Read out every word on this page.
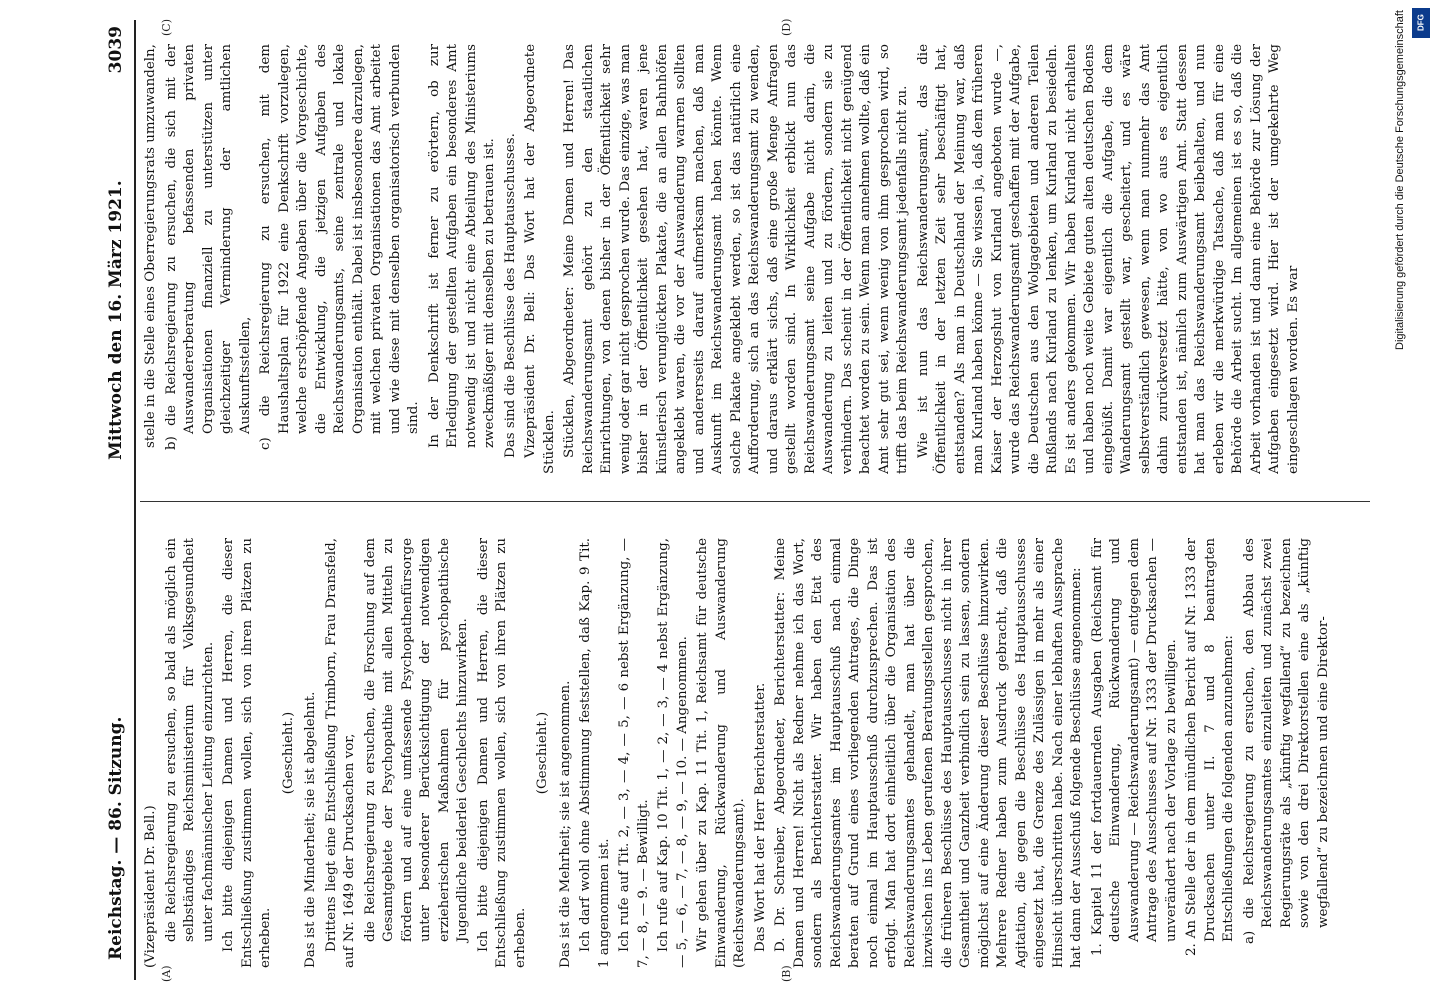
Reichstag. — 86. Sitzung.
Mittwoch den 16. März 1921.
3039
(A)	(B)
(C)	(D)

(Vizepräsident Dr. Bell.) die Reichsregierung zu ersuchen, so bald als möglich ein selbständiges Reichsministerium für Volksgesundheit unter fachmännischer Leitung einzurichten. Ich bitte diejenigen Damen und Herren, die dieser Entschließung zustimmen wollen, sich von ihren Plätzen zu erheben.

(Geschieht.) Das ist die Minderheit; sie ist abgelehnt. Drittens liegt eine Entschließung Trimborn, Frau Dransfeld, auf Nr. 1649 der Drucksachen vor, die Reichsregierung zu ersuchen, die Forschung auf dem Gesamtgebiete der Psychopathie mit allen Mitteln zu fördern und auf eine umfassende Psychopathenfürsorge unter besonderer Berücksichtigung der notwendigen erzieherischen Maßnahmen für psychopathische Jugendliche beiderlei Geschlechts hinzuwirken. Ich bitte diejenigen Damen und Herren, die dieser Entschließung zustimmen wollen, sich von ihren Plätzen zu erheben.

(Geschieht.) Das ist die Mehrheit; sie ist angenommen. Ich darf wohl ohne Abstimmung feststellen, daß Kap. 9 Tit. 1 angenommen ist. Ich rufe auf Tit. 2, — 3, — 4, — 5, — 6 nebst Ergänzung, — 7, — 8, — 9. — Bewilligt. Ich rufe auf Kap. 10 Tit. 1, — 2, — 3, — 4 nebst Ergänzung, — 5, — 6, — 7, — 8, — 9, — 10. — Angenommen. Wir gehen über zu Kap. 11 Tit. 1, Reichsamt für deutsche Einwanderung, Rückwanderung und Auswanderung (Reichswanderungsamt). Das Wort hat der Herr Berichterstatter. D. Dr. Schreiber, Abgeordneter, Berichterstatter: Meine Damen und Herren! Nicht als Redner nehme ich das Wort, sondern als Berichterstatter. Wir haben den Etat des Reichswanderungsamtes im Hauptausschuß nach einmal beraten auf Grund eines vorliegenden Antrages, die Dinge noch einmal im Hauptausschuß durchzusprechen. Das ist erfolgt. Man hat dort einheitlich über die Organisation des Reichswanderungsamtes gehandelt, man hat über die inzwischen ins Leben gerufenen Beratungsstellen gesprochen, die früheren Beschlüsse des Hauptausschusses nicht in ihrer Gesamtheit und Ganzheit verbindlich sein zu lassen, sondern möglichst auf eine Änderung dieser Beschlüsse hinzuwirken. Mehrere Redner haben zum Ausdruck gebracht, daß die Agitation, die gegen die Beschlüsse des Hauptausschusses eingesetzt hat, die Grenze des Zulässigen in mehr als einer Hinsicht überschritten habe. Nach einer lebhaften Aussprache hat dann der Ausschuß folgende Beschlüsse angenommen: 1. Kapitel 11 der fortdauernden Ausgaben (Reichsamt für deutsche Einwanderung, Rückwanderung und Auswanderung — Reichswanderungsamt) — entgegen dem Antrage des Ausschusses auf Nr. 1333 der Drucksachen — unverändert nach der Vorlage zu bewilligen. 2. An Stelle der in dem mündlichen Bericht auf Nr. 1333 der Drucksachen unter II. 7 und 8 beantragten Entschließungen die folgenden anzunehmen: a) die Reichsregierung zu ersuchen, den Abbau des Reichswanderungsamtes einzuleiten und zunächst zwei Regierungsräte als „künftig wegfallend“ zu bezeichnen sowie von den drei Direktorstellen eine als „künftig wegfallend“ zu bezeichnen und eine Direktor-

stelle in die Stelle eines Oberregierungsrats umzuwandeln, b) die Reichsregierung zu ersuchen, die sich mit der Auswandererberatung befassenden privaten Organisationen finanziell zu unterstützen unter gleichzeitiger Verminderung der amtlichen Auskunftsstellen, c) die Reichsregierung zu ersuchen, mit dem Haushaltsplan für 1922 eine Denkschrift vorzulegen, welche erschöpfende Angaben über die Vorgeschichte, die Entwicklung, die jetzigen Aufgaben des Reichswanderungsamts, seine zentrale und lokale Organisation enthält. Dabei ist insbesondere darzulegen, mit welchen privaten Organisationen das Amt arbeitet und wie diese mit denselben organisatorisch verbunden sind. In der Denkschrift ist ferner zu erörtern, ob zur Erledigung der gestellten Aufgaben ein besonderes Amt notwendig ist und nicht eine Abteilung des Ministeriums zweckmäßiger mit denselben zu betrauen ist. Das sind die Beschlüsse des Hauptausschusses. Vizepräsident Dr. Bell: Das Wort hat der Abgeordnete Stücklen. Stücklen, Abgeordneter: Meine Damen und Herren! Das Reichswanderungsamt gehört zu den staatlichen Einrichtungen, von denen bisher in der Öffentlichkeit sehr wenig oder gar nicht gesprochen wurde. Das einzige, was man bisher in der Öffentlichkeit gesehen hat, waren jene künstlerisch verunglückten Plakate, die an allen Bahnhöfen angeklebt waren, die vor der Auswanderung warnen sollten und andererseits darauf aufmerksam machen, daß man Auskunft im Reichswanderungsamt haben könnte. Wenn solche Plakate angeklebt werden, so ist das natürlich eine Aufforderung, sich an das Reichswanderungsamt zu wenden, und daraus erklärt sichs, daß eine große Menge Anfragen gestellt worden sind. In Wirklichkeit erblickt nun das Reichswanderungsamt seine Aufgabe nicht darin, die Auswanderung zu leiten und zu fördern, sondern sie zu verhindern. Das scheint in der Öffentlichkeit nicht genügend beachtet worden zu sein. Wenn man annehmen wollte, daß ein Amt sehr gut sei, wenn wenig von ihm gesprochen wird, so trifft das beim Reichswanderungsamt jedenfalls nicht zu. Wie ist nun das Reichswanderungsamt, das die Öffentlichkeit in der letzten Zeit sehr beschäftigt hat, entstanden? Als man in Deutschland der Meinung war, daß man Kurland haben könne — Sie wissen ja, daß dem früheren Kaiser der Herzogshut von Kurland angeboten wurde —, wurde das Reichswanderungsamt geschaffen mit der Aufgabe, die Deutschen aus den Wolgagebieten und anderen Teilen Rußlands nach Kurland zu lenken, um Kurland zu besiedeln. Es ist anders gekommen. Wir haben Kurland nicht erhalten und haben noch weite Gebiete guten alten deutschen Bodens eingebüßt. Damit war eigentlich die Aufgabe, die dem Wanderungsamt gestellt war, gescheitert, und es wäre selbstverständlich gewesen, wenn man nunmehr das Amt dahin zurückversetzt hätte, von wo aus es eigentlich entstanden ist, nämlich zum Auswärtigen Amt. Statt dessen hat man das Reichswanderungsamt beibehalten, und nun erleben wir die merkwürdige Tatsache, daß man für eine Behörde die Arbeit sucht. Im allgemeinen ist es so, daß die Arbeit vorhanden ist und dann eine Behörde zur Lösung der Aufgaben eingesetzt wird. Hier ist der umgekehrte Weg eingeschlagen worden. Es war

Digitalisierung gefördert durch die Deutsche Forschungsgemeinschaft	DFG
